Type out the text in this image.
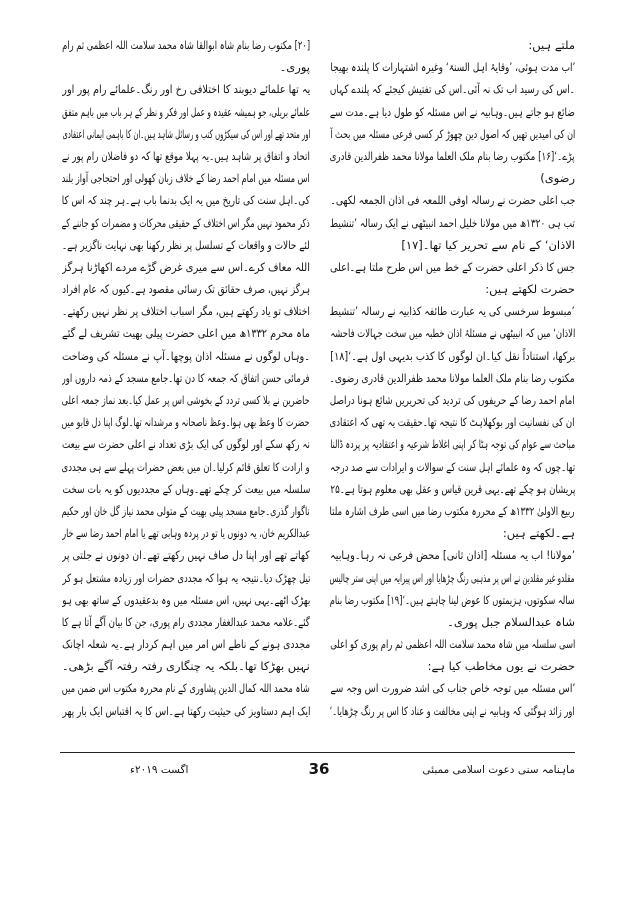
ملتے ہیں:
’اب مدت ہوئی، ’وقایۂ اہل السنۃ‘ وغیرہ اشتہارات کا پلندہ بھیجا
۔اس کی رسید اب تک نہ آئی۔اس کی تفتیش کیجئے کہ پلندے کہاں
ضائع ہو جاتے ہیں۔وہابیہ نے اس مسئلہ کو طول دیا ہے۔مدت سے
ان کی امیدیں تھیں کہ اصول دین چھوڑ کر کسی فرعی مسئلہ میں بحث آ
پڑے۔‘[۱۶] مکتوب رضا بنام ملک العلما مولانا محمد ظفرالدین قادری
رضوی)
جب اعلی حضرت نے رسالہ اوفی اللمعہ فی اذان الجمعہ لکھی۔
تب ہی ۱۳۲۰ھ میں مولانا خلیل احمد انبیٹھی نے ایک رسالہ ’تنشیط
الاذان‘ کے نام سے تحریر کیا تھا۔[۱۷]
جس کا ذکر اعلی حضرت کے خط میں اس طرح ملتا ہے۔اعلی
حضرت لکھتے ہیں:
’مبسوط سرخسی کی یہ عبارت طائفہ کذابیہ نے رسالہ ’تنشیط
الاذان‘ میں کہ انبیٹھی نے مسئلۂ اذان خطبہ میں سخت جہالات فاحشہ
برکھا، استناداً نقل کیا۔ان لوگوں کا کذب بدیہی اول ہے۔‘[۱۸]
مکتوب رضا بنام ملک العلما مولانا محمد ظفرالدین قادری رضوی۔
امام احمد رضا کے حریفوں کی تردید کی تحریریں شائع ہونا دراصل
ان کی نفسانیت اور بوکھلاہٹ کا نتیجہ تھا۔حقیقت یہ تھی کہ اعتقادی
مباحث سے عوام کی توجہ ہٹا کر اپنی اغلاط شرعیہ و اعتقادیہ پر پردہ ڈالنا
تھا۔چوں کہ وہ علمائے اہل سنت کے سوالات و ایرادات سے صد درجہ
پریشان ہو چکے تھے۔یہی قرین قیاس و عقل بھی معلوم ہوتا ہے۔۲۵
ربیع الاولیٰ ۱۳۳۲ھ کے محررہ مکتوب رضا میں اسی طرف اشارہ ملتا
ہے۔لکھتے ہیں:
’مولانا! اب یہ مسئلہ [اذان ثانی] محض فرعی نہ رہا۔وہابیہ
مقلدو غیر مقلدین نے اس پر مذہبی رنگ چڑھایا اور اس پیرایہ میں اپنی ستر چالیس
سالہ سکوتوں، ہزیمتوں کا عوض لینا چاہتے ہیں۔‘[۱۹] مکتوب رضا بنام
شاہ عبدالسلام جبل پوری۔
اسی سلسلہ میں شاہ محمد سلامت اللہ اعظمی ثم رام پوری کو اعلی
حضرت نے یوں مخاطب کیا ہے:
’اس مسئلہ میں توجہ خاص جناب کی اشد ضرورت اس وجہ سے
اور زائد ہوگئی کہ وہابیہ نے اپنی مخالفت و عناد کا اس پر رنگ چڑھایا۔‘
[۲۰] مکتوب رضا بنام شاہ ابوالقا شاہ محمد سلامت اللہ اعظمی ثم رام
پوری۔
یہ تھا علمائے دیوبند کا اختلافی رخ اور رنگ۔علمائے رام پور اور
علمائے بریلی، جو ہمیشہ عقیدہ و عمل اور فکر و نظر کے ہر باب میں باہم متفق
اور متحد تھے اور اس کی سیکڑوں کتب و رسائل شاہد ہیں۔ان کا باہمی ایمانی اعتقادی
اتحاد و اتفاق پر شاہد ہیں۔یہ پہلا موقع تھا کہ دو فاضلان رام پور نے
اس مسئلہ میں امام احمد رضا کے خلاف زبان کھولی اور احتجاجی آواز بلند
کی۔اہل سنت کی تاریخ میں یہ ایک بدنما باب ہے۔ہر چند کہ اس کا
ذکر محمود نہیں مگر اس اختلاف کے حقیقی محرکات و مضمرات کو جاننے کے
لئے حالات و واقعات کے تسلسل پر نظر رکھنا بھی نہایت ناگزیر ہے۔
اللہ معاف کرے۔اس سے میری غرض گڑے مردے اکھاڑنا ہرگز
ہرگز نہیں، صرف حقائق تک رسائی مقصود ہے۔کیوں کہ عام افراد
اختلاف تو یاد رکھتے ہیں، مگر اسباب اختلاف پر نظر نہیں رکھتے۔
ماہ محرم ۱۳۳۲ھ میں اعلی حضرت پیلی بھیت تشریف لے گئے
۔وہاں لوگوں نے مسئلہ اذان پوچھا۔آپ نے مسئلہ کی وضاحت
فرمائی حسن اتفاق کہ جمعہ کا دن تھا۔جامع مسجد کے ذمہ داروں اور
حاضرین نے بلا کسی تردد کے بخوشی اس پر عمل کیا۔بعد نماز جمعہ اعلی
حضرت کا وعظ بھی ہوا۔وعظ ناصحانہ و مرشدانہ تھا۔لوگ اپنا دل قابو میں
نہ رکھ سکے اور لوگوں کی ایک بڑی تعداد نے اعلی حضرت سے بیعت
و ارادت کا تعلق قائم کرلیا۔ان میں بعض حضرات پہلے سے ہی مجددی
سلسلہ میں بیعت کر چکے تھے۔وہاں کے مجددیوں کو یہ بات سخت
ناگوار گذری۔جامع مسجد پیلی بھیت کے متولی محمد نیاز گل خان اور حکیم
عبدالکریم خان، یہ دونوں یا تو در پردہ وہابی تھے یا امام احمد رضا سے خار
کھاتے تھے اور اپنا دل صاف نہیں رکھتے تھے۔ان دونوں نے جلتی پر
تیل چھڑک دیا۔نتیجہ یہ ہوا کہ مجددی حضرات اور زیادہ مشتعل ہو کر
بھڑک اٹھے۔یہی نہیں، اس مسئلہ میں وہ بدعقیدوں کے ساتھ بھی ہو
گئے۔علامہ محمد عبدالغفار مجددی رام پوری، جن کا بیان آگے آتا ہے کا
مجددی ہونے کے ناطے اس امر میں اہم کردار ہے۔یہ شعلہ اچانک
نہیں بھڑکا تھا۔بلکہ یہ چنگاری رفتہ رفتہ آگے بڑھی۔
شاہ محمد اللہ کمال الدین پشاوری کے نام محررہ مکتوب اس ضمن میں
ایک اہم دستاویز کی حیثیت رکھتا ہے۔اس کا یہ اقتباس ایک بار پھر
ماہنامہ سنی دعوت اسلامی ممبئی
36
اگست ۲۰۱۹ء
